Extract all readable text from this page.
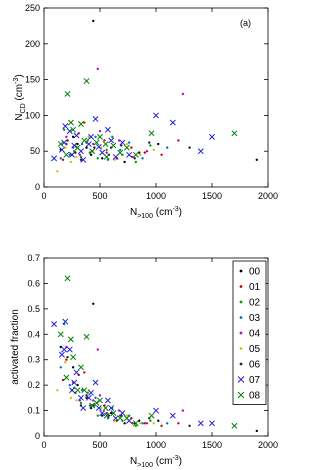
0	500	1000	1500	2000
0
50
100
150
200
250
$N_{>100}$ $(cm^{-3})$
$N_{CD}$ $(cm^{-3})$
(a)
0	500	1000	1500	2000
0
0.1
0.2
0.3
0.4
0.5
0.6
0.7
$N_{>100}$ $(cm^{-3})$
activated fraction
00
01
02
03
04
05
06
07
08
